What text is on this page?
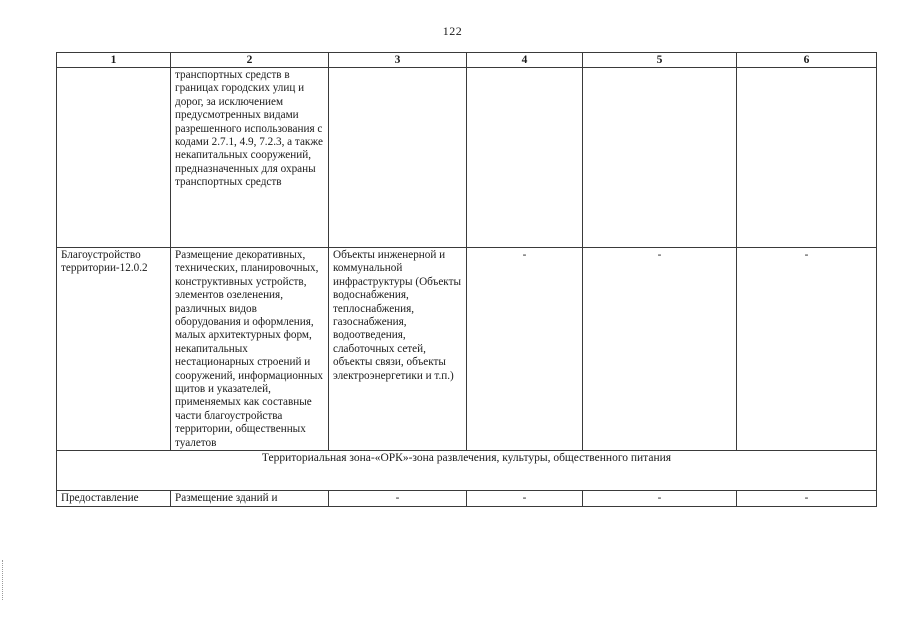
122
1	2	3	4	5	6
	транспортных средств в границах городских улиц и дорог, за исключением предусмотренных видами разрешенного использования с кодами 2.7.1, 4.9, 7.2.3, а также некапитальных сооружений, предназначенных для охраны транспортных средств				
Благоустройство территории-12.0.2	Размещение декоративных, технических, планировочных, конструктивных устройств, элементов озеленения, различных видов оборудования и оформления, малых архитектурных форм, некапитальных нестационарных строений и сооружений, информационных щитов и указателей, применяемых как составные части благоустройства территории, общественных туалетов	Объекты инженерной и коммунальной инфраструктуры (Объекты водоснабжения, теплоснабжения, газоснабжения, водоотведения, слаботочных сетей, объекты связи, объекты электроэнергетики и т.п.)	-	-	-
Территориальная зона-«ОРК»-зона развлечения, культуры, общественного питания					
Предоставление	Размещение зданий и	-	-	-	-
